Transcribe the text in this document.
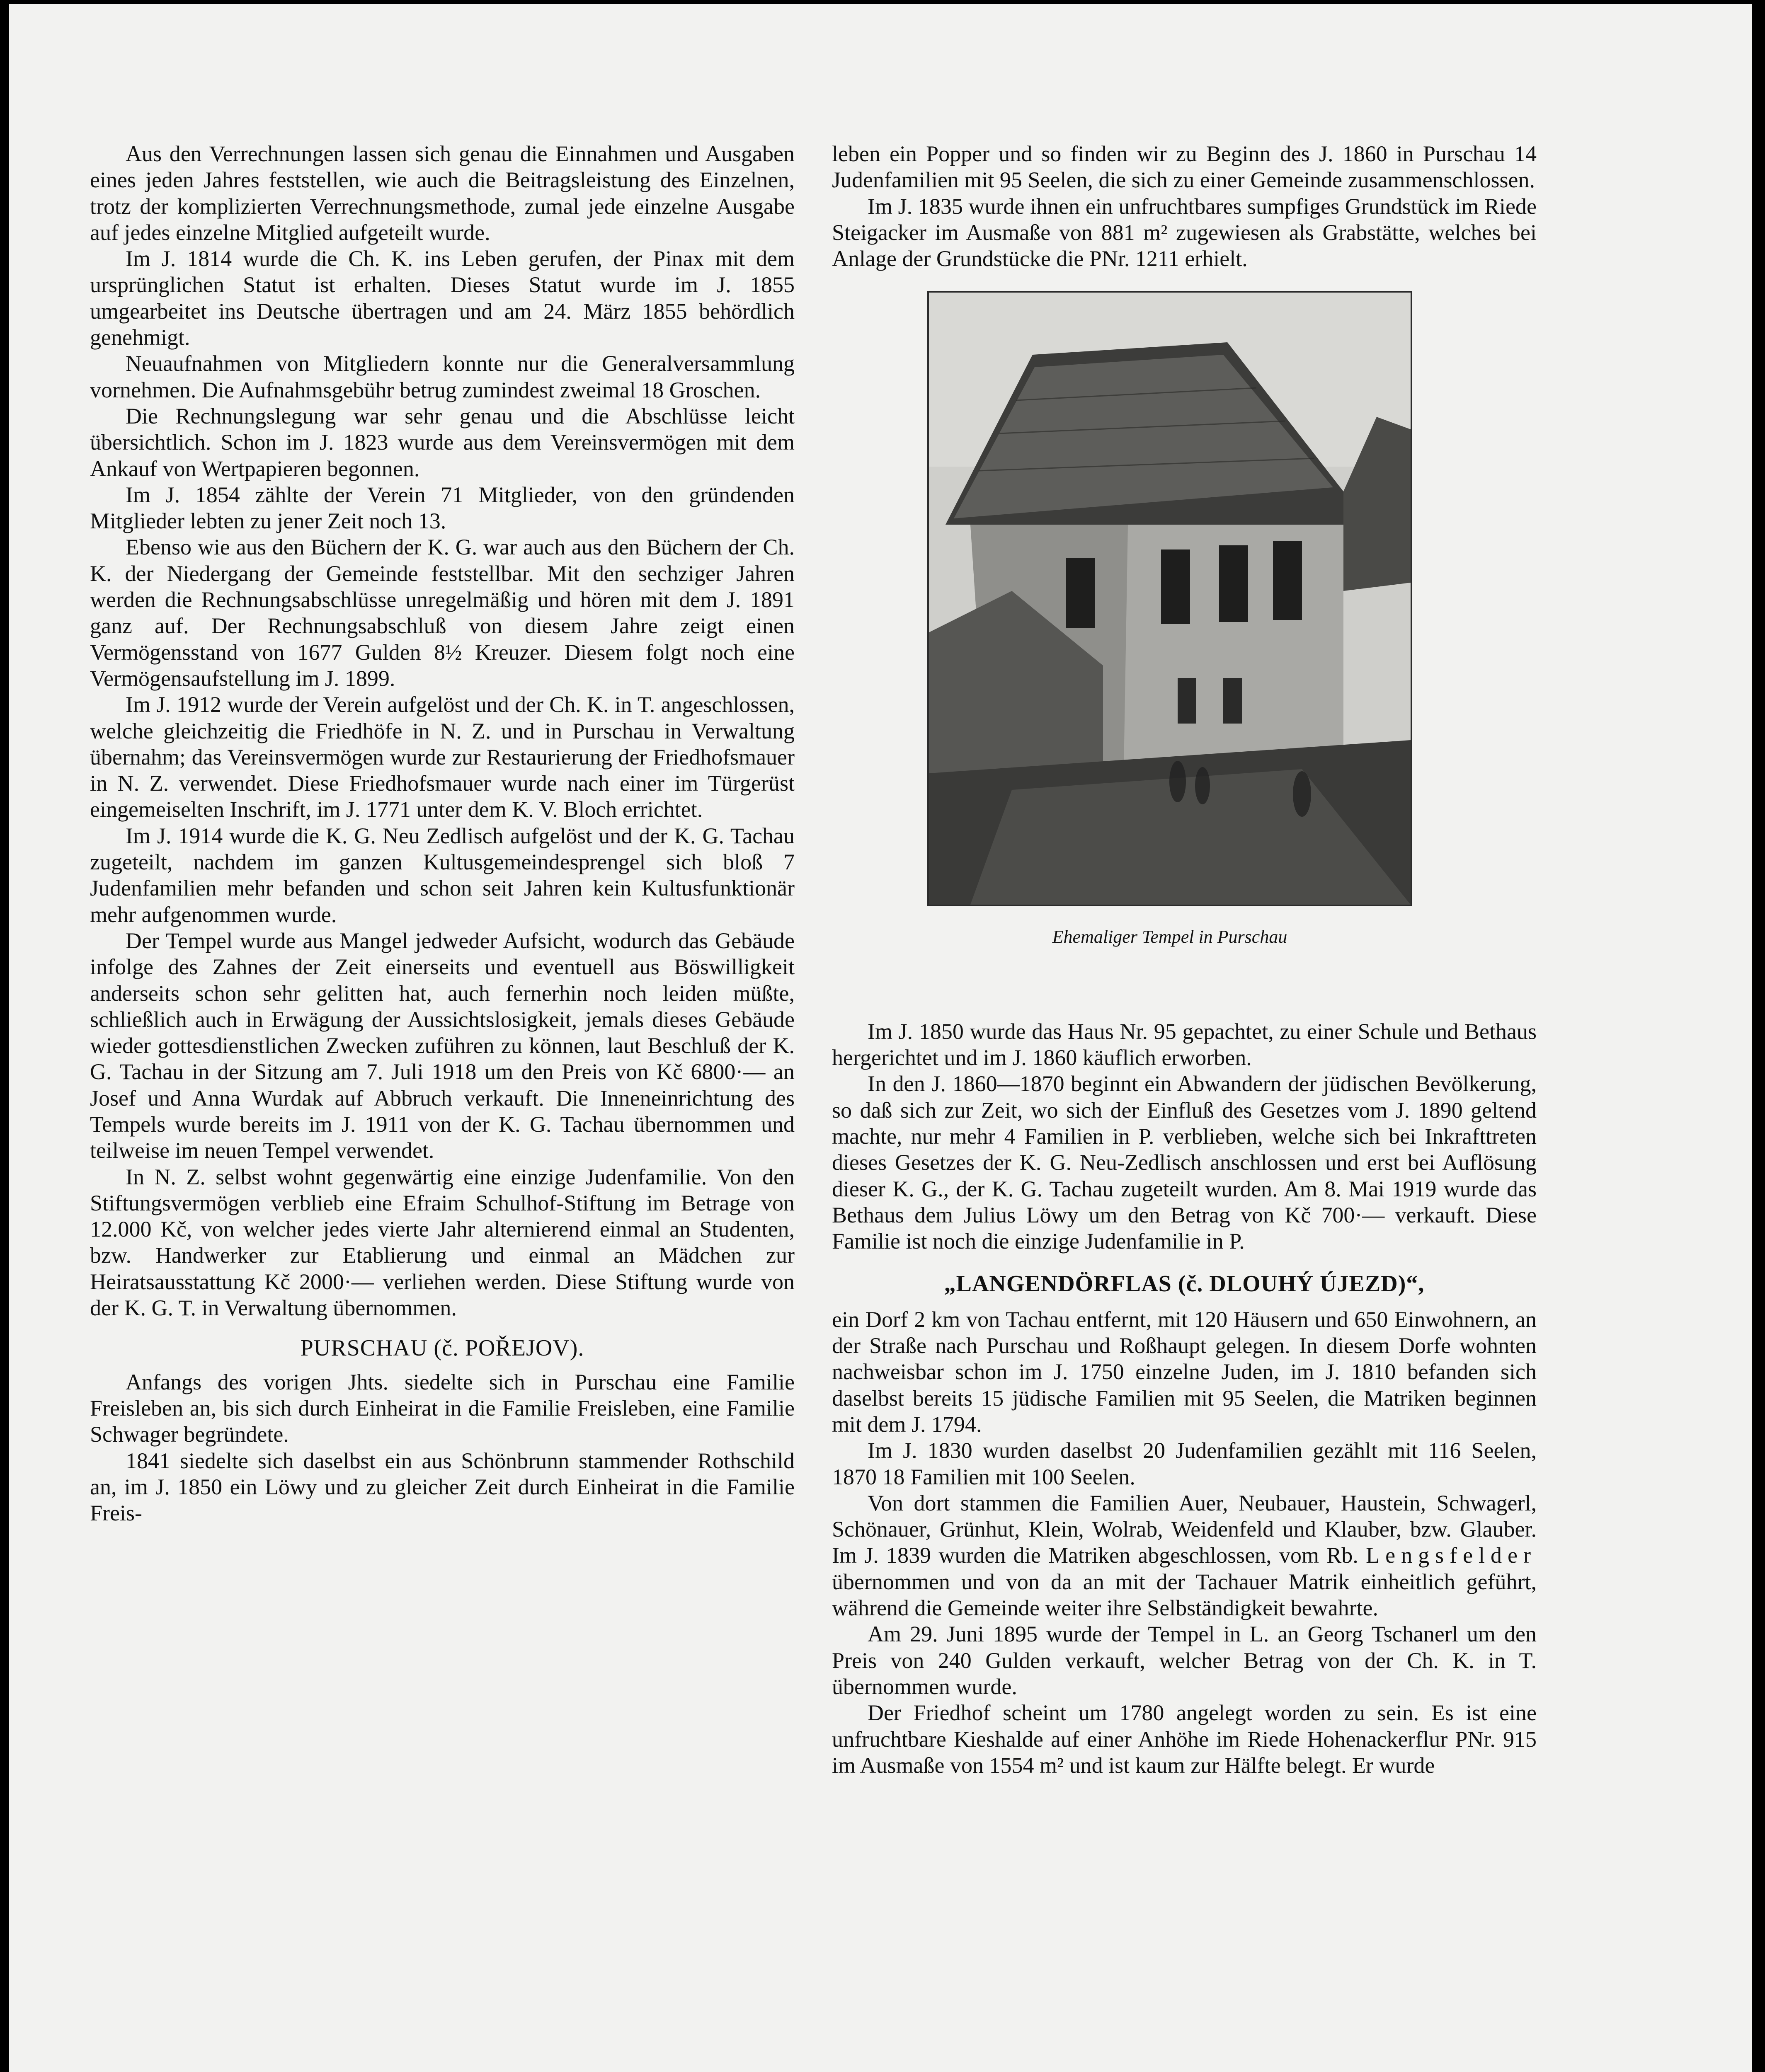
Aus den Verrechnungen lassen sich genau die Einnahmen und Ausgaben eines jeden Jahres feststellen, wie auch die Beitragsleistung des Einzelnen, trotz der komplizierten Verrechnungsmethode, zumal jede einzelne Ausgabe auf jedes einzelne Mitglied aufgeteilt wurde.

Im J. 1814 wurde die Ch. K. ins Leben gerufen, der Pinax mit dem ursprünglichen Statut ist erhalten. Dieses Statut wurde im J. 1855 umgearbeitet ins Deutsche übertragen und am 24. März 1855 behördlich genehmigt.

Neuaufnahmen von Mitgliedern konnte nur die Generalversammlung vornehmen. Die Aufnahmsgebühr betrug zumindest zweimal 18 Groschen.

Die Rechnungslegung war sehr genau und die Abschlüsse leicht übersichtlich. Schon im J. 1823 wurde aus dem Vereinsvermögen mit dem Ankauf von Wertpapieren begonnen.

Im J. 1854 zählte der Verein 71 Mitglieder, von den gründenden Mitglieder lebten zu jener Zeit noch 13.

Ebenso wie aus den Büchern der K. G. war auch aus den Büchern der Ch. K. der Niedergang der Gemeinde feststellbar. Mit den sechziger Jahren werden die Rechnungsabschlüsse unregelmäßig und hören mit dem J. 1891 ganz auf. Der Rechnungsabschluß von diesem Jahre zeigt einen Vermögensstand von 1677 Gulden 8½ Kreuzer. Diesem folgt noch eine Vermögensaufstellung im J. 1899.

Im J. 1912 wurde der Verein aufgelöst und der Ch. K. in T. angeschlossen, welche gleichzeitig die Friedhöfe in N. Z. und in Purschau in Verwaltung übernahm; das Vereinsvermögen wurde zur Restaurierung der Friedhofsmauer in N. Z. verwendet. Diese Friedhofsmauer wurde nach einer im Türgerüst eingemeiselten Inschrift, im J. 1771 unter dem K. V. Bloch errichtet.

Im J. 1914 wurde die K. G. Neu Zedlisch aufgelöst und der K. G. Tachau zugeteilt, nachdem im ganzen Kultusgemeindesprengel sich bloß 7 Judenfamilien mehr befanden und schon seit Jahren kein Kultusfunktionär mehr aufgenommen wurde.

Der Tempel wurde aus Mangel jedweder Aufsicht, wodurch das Gebäude infolge des Zahnes der Zeit einerseits und eventuell aus Böswilligkeit anderseits schon sehr gelitten hat, auch fernerhin noch leiden müßte, schließlich auch in Erwägung der Aussichtslosigkeit, jemals dieses Gebäude wieder gottesdienstlichen Zwecken zuführen zu können, laut Beschluß der K. G. Tachau in der Sitzung am 7. Juli 1918 um den Preis von Kč 6800·— an Josef und Anna Wurdak auf Abbruch verkauft. Die Inneneinrichtung des Tempels wurde bereits im J. 1911 von der K. G. Tachau übernommen und teilweise im neuen Tempel verwendet.

In N. Z. selbst wohnt gegenwärtig eine einzige Judenfamilie. Von den Stiftungsvermögen verblieb eine Efraim Schulhof-Stiftung im Betrage von 12.000 Kč, von welcher jedes vierte Jahr alternierend einmal an Studenten, bzw. Handwerker zur Etablierung und einmal an Mädchen zur Heiratsausstattung Kč 2000·— verliehen werden. Diese Stiftung wurde von der K. G. T. in Verwaltung übernommen.

PURSCHAU (č. POŘEJOV).

Anfangs des vorigen Jhts. siedelte sich in Purschau eine Familie Freisleben an, bis sich durch Einheirat in die Familie Freisleben, eine Familie Schwager begründete.

1841 siedelte sich daselbst ein aus Schönbrunn stammender Rothschild an, im J. 1850 ein Löwy und zu gleicher Zeit durch Einheirat in die Familie Freis-

leben ein Popper und so finden wir zu Beginn des J. 1860 in Purschau 14 Judenfamilien mit 95 Seelen, die sich zu einer Gemeinde zusammenschlossen.

Im J. 1835 wurde ihnen ein unfruchtbares sumpfiges Grundstück im Riede Steigacker im Ausmaße von 881 m² zugewiesen als Grabstätte, welches bei Anlage der Grundstücke die PNr. 1211 erhielt.

Ehemaliger Tempel in Purschau

Im J. 1850 wurde das Haus Nr. 95 gepachtet, zu einer Schule und Bethaus hergerichtet und im J. 1860 käuflich erworben.

In den J. 1860—1870 beginnt ein Abwandern der jüdischen Bevölkerung, so daß sich zur Zeit, wo sich der Einfluß des Gesetzes vom J. 1890 geltend machte, nur mehr 4 Familien in P. verblieben, welche sich bei Inkrafttreten dieses Gesetzes der K. G. Neu-Zedlisch anschlossen und erst bei Auflösung dieser K. G., der K. G. Tachau zugeteilt wurden. Am 8. Mai 1919 wurde das Bethaus dem Julius Löwy um den Betrag von Kč 700·— verkauft. Diese Familie ist noch die einzige Judenfamilie in P.

„LANGENDÖRFLAS (č. DLOUHÝ ÚJEZD)“,

ein Dorf 2 km von Tachau entfernt, mit 120 Häusern und 650 Einwohnern, an der Straße nach Purschau und Roßhaupt gelegen. In diesem Dorfe wohnten nachweisbar schon im J. 1750 einzelne Juden, im J. 1810 befanden sich daselbst bereits 15 jüdische Familien mit 95 Seelen, die Matriken beginnen mit dem J. 1794.

Im J. 1830 wurden daselbst 20 Judenfamilien gezählt mit 116 Seelen, 1870 18 Familien mit 100 Seelen.

Von dort stammen die Familien Auer, Neubauer, Haustein, Schwagerl, Schönauer, Grünhut, Klein, Wolrab, Weidenfeld und Klauber, bzw. Glauber. Im J. 1839 wurden die Matriken abgeschlossen, vom Rb. Lengsfelder übernommen und von da an mit der Tachauer Matrik einheitlich geführt, während die Gemeinde weiter ihre Selbständigkeit bewahrte.

Am 29. Juni 1895 wurde der Tempel in L. an Georg Tschanerl um den Preis von 240 Gulden verkauft, welcher Betrag von der Ch. K. in T. übernommen wurde.

Der Friedhof scheint um 1780 angelegt worden zu sein. Es ist eine unfruchtbare Kieshalde auf einer Anhöhe im Riede Hohenackerflur PNr. 915 im Ausmaße von 1554 m² und ist kaum zur Hälfte belegt. Er wurde
